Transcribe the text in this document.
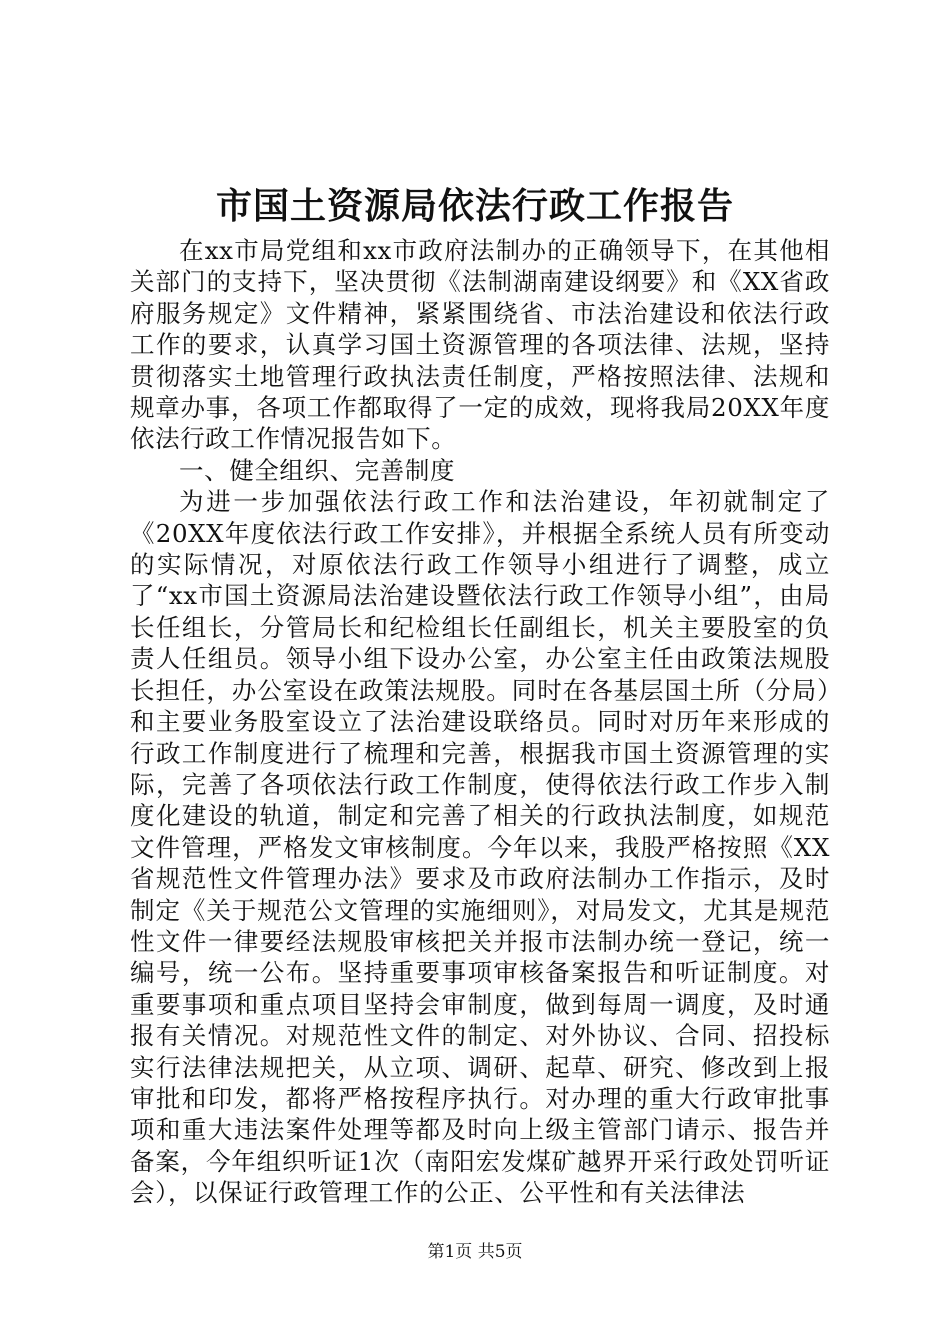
市国土资源局依法行政工作报告

在xx市局党组和xx市政府法制办的正确领导下，在其他相关部门的支持下，坚决贯彻《法制湖南建设纲要》和《XX省政府服务规定》文件精神，紧紧围绕省、市法治建设和依法行政工作的要求，认真学习国土资源管理的各项法律、法规，坚持贯彻落实土地管理行政执法责任制度，严格按照法律、法规和规章办事，各项工作都取得了一定的成效，现将我局20XX年度依法行政工作情况报告如下。

一、健全组织、完善制度

为进一步加强依法行政工作和法治建设，年初就制定了《20XX年度依法行政工作安排》，并根据全系统人员有所变动的实际情况，对原依法行政工作领导小组进行了调整，成立了“xx市国土资源局法治建设暨依法行政工作领导小组”，由局长任组长，分管局长和纪检组长任副组长，机关主要股室的负责人任组员。领导小组下设办公室，办公室主任由政策法规股长担任，办公室设在政策法规股。同时在各基层国土所（分局）和主要业务股室设立了法治建设联络员。同时对历年来形成的行政工作制度进行了梳理和完善，根据我市国土资源管理的实际，完善了各项依法行政工作制度，使得依法行政工作步入制度化建设的轨道，制定和完善了相关的行政执法制度，如规范文件管理，严格发文审核制度。今年以来，我股严格按照《XX省规范性文件管理办法》要求及市政府法制办工作指示，及时制定《关于规范公文管理的实施细则》，对局发文，尤其是规范性文件一律要经法规股审核把关并报市法制办统一登记，统一编号，统一公布。坚持重要事项审核备案报告和听证制度。对重要事项和重点项目坚持会审制度，做到每周一调度，及时通报有关情况。对规范性文件的制定、对外协议、合同、招投标实行法律法规把关，从立项、调研、起草、研究、修改到上报审批和印发，都将严格按程序执行。对办理的重大行政审批事项和重大违法案件处理等都及时向上级主管部门请示、报告并备案，今年组织听证1次（南阳宏发煤矿越界开采行政处罚听证会），以保证行政管理工作的公正、公平性和有关法律法

第1页 共5页
